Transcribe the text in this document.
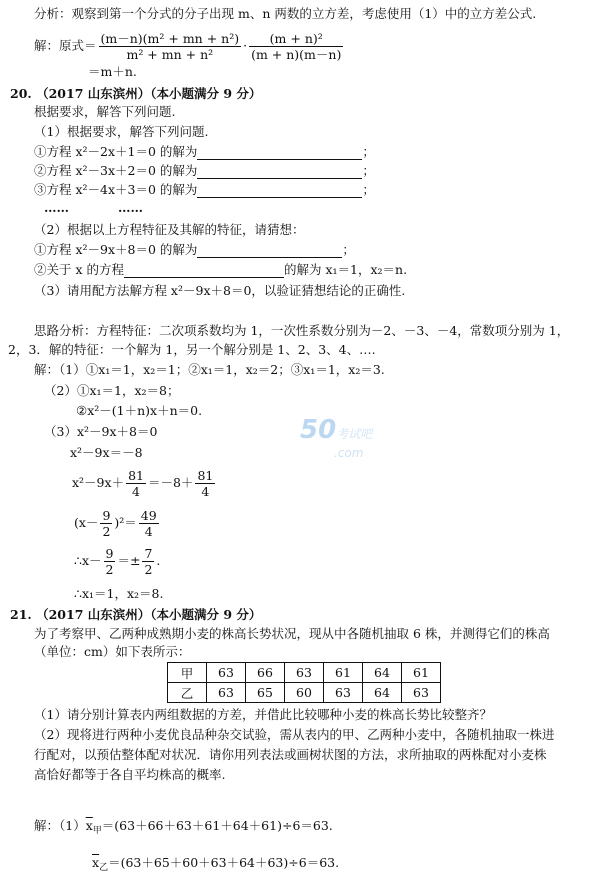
分析：观察到第一个分式的分子出现 m、n 两数的立方差，考虑使用（1）中的立方差公式.
解：原式＝ $\frac{\text{(m－n)(m² + mn + n²)}}{\text{m² + mn + n²}} \cdot \frac{\text{(m + n)²}}{(m + n)(m-n)}$
＝m＋n.
20. （2017 山东滨州）（本小题满分 9 分）
根据要求，解答下列问题.
（1）根据要求，解答下列问题.
①方程 x²－2x＋1＝0 的解为	；
②方程 x²－3x＋2＝0 的解为	；
③方程 x²－4x＋3＝0 的解为	；
……	……
（2）根据以上方程特征及其解的特征，请猜想：
①方程 x²－9x＋8＝0 的解为	；
②关于 x 的方程	的解为 x₁＝1，x₂＝n.
（3）请用配方法解方程 x²－9x＋8＝0，以验证猜想结论的正确性.
思路分析：方程特征：二次项系数均为 1，一次性系数分别为－2、－3、－4，常数项分别为 1，
2，3．解的特征：一个解为 1，另一个解分别是 1、2、3、4、….
解：（1）①x₁＝1，x₂＝1；②x₁＝1，x₂＝2；③x₁＝1，x₂＝3.
（2）①x₁＝1，x₂＝8；
②x²－(1＋n)x＋n＝0.
（3）x²－9x＋8＝0
x²－9x＝－8
$x^2-9x+ \frac{81}{4} =-8+ \frac{81}{4}$
$(x- \frac{9}{2} )^2= \frac{49}{4}$
∴x－ $\frac{9}{2} =\pm \frac{7}{2}$ .
∴x₁＝1，x₂＝8.
50考试吧
.com
21. （2017 山东滨州）（本小题满分 9 分）
为了考察甲、乙两种成熟期小麦的株高长势状况，现从中各随机抽取 6 株，并测得它们的株高
（单位：cm）如下表所示：
甲	63	66	63	61	64	61
乙	63	65	60	63	64	63
（1）请分别计算表内两组数据的方差，并借此比较哪种小麦的株高长势比较整齐？
（2）现将进行两种小麦优良品种杂交试验，需从表内的甲、乙两种小麦中，各随机抽取一株进
行配对，以预估整体配对状况．请你用列表法或画树状图的方法，求所抽取的两株配对小麦株
高恰好都等于各自平均株高的概率.
解：$(1)\overline{x}_甲=(63+66+63+61+64+61)\div 6=63$.
$\overline{x}_乙=(63+65+60+63+64+63)\div 6=63$.
